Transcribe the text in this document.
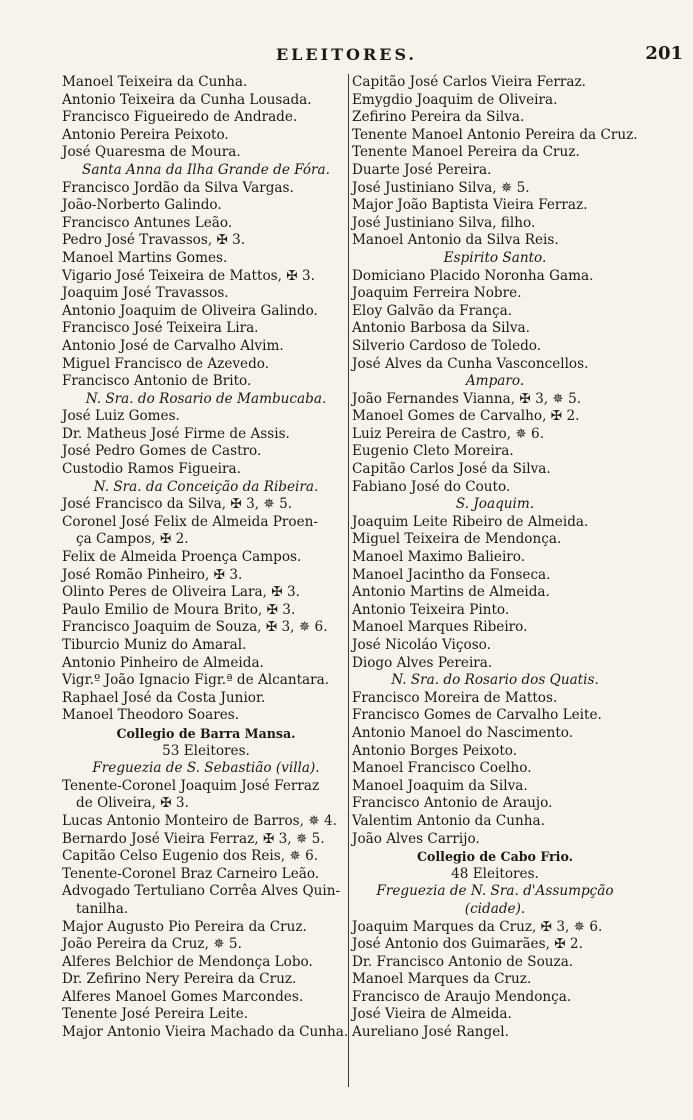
ELEITORES.	201
Manoel Teixeira da Cunha.
Antonio Teixeira da Cunha Lousada.
Francisco Figueiredo de Andrade.
Antonio Pereira Peixoto.
José Quaresma de Moura.
Santa Anna da Ilha Grande de Fóra.
Francisco Jordão da Silva Vargas.
João-Norberto Galindo.
Francisco Antunes Leão.
Pedro José Travassos, ✠ 3.
Manoel Martins Gomes.
Vigario José Teixeira de Mattos, ✠ 3.
Joaquim José Travassos.
Antonio Joaquim de Oliveira Galindo.
Francisco José Teixeira Lira.
Antonio José de Carvalho Alvim.
Miguel Francisco de Azevedo.
Francisco Antonio de Brito.
N. Sra. do Rosario de Mambucaba.
José Luiz Gomes.
Dr. Matheus José Firme de Assis.
José Pedro Gomes de Castro.
Custodio Ramos Figueira.
N. Sra. da Conceição da Ribeira.
José Francisco da Silva, ✠ 3, ✵ 5.
Coronel José Felix de Almeida Proen-
ça Campos, ✠ 2.
Felix de Almeida Proença Campos.
José Romão Pinheiro, ✠ 3.
Olinto Peres de Oliveira Lara, ✠ 3.
Paulo Emilio de Moura Brito, ✠ 3.
Francisco Joaquim de Souza, ✠ 3, ✵ 6.
Tiburcio Muniz do Amaral.
Antonio Pinheiro de Almeida.
Vigr.º João Ignacio Figr.ª de Alcantara.
Raphael José da Costa Junior.
Manoel Theodoro Soares.
Collegio de Barra Mansa.
53 Eleitores.
Freguezia de S. Sebastião (villa).
Tenente-Coronel Joaquim José Ferraz
de Oliveira, ✠ 3.
Lucas Antonio Monteiro de Barros, ✵ 4.
Bernardo José Vieira Ferraz, ✠ 3, ✵ 5.
Capitão Celso Eugenio dos Reis, ✵ 6.
Tenente-Coronel Braz Carneiro Leão.
Advogado Tertuliano Corrêa Alves Quin-
tanilha.
Major Augusto Pio Pereira da Cruz.
João Pereira da Cruz, ✵ 5.
Alferes Belchior de Mendonça Lobo.
Dr. Zefirino Nery Pereira da Cruz.
Alferes Manoel Gomes Marcondes.
Tenente José Pereira Leite.
Major Antonio Vieira Machado da Cunha.
Capitão José Carlos Vieira Ferraz.
Emygdio Joaquim de Oliveira.
Zefirino Pereira da Silva.
Tenente Manoel Antonio Pereira da Cruz.
Tenente Manoel Pereira da Cruz.
Duarte José Pereira.
José Justiniano Silva, ✵ 5.
Major João Baptista Vieira Ferraz.
José Justiniano Silva, filho.
Manoel Antonio da Silva Reis.
Espirito Santo.
Domiciano Placido Noronha Gama.
Joaquim Ferreira Nobre.
Eloy Galvão da França.
Antonio Barbosa da Silva.
Silverio Cardoso de Toledo.
José Alves da Cunha Vasconcellos.
Amparo.
João Fernandes Vianna, ✠ 3, ✵ 5.
Manoel Gomes de Carvalho, ✠ 2.
Luiz Pereira de Castro, ✵ 6.
Eugenio Cleto Moreira.
Capitão Carlos José da Silva.
Fabiano José do Couto.
S. Joaquim.
Joaquim Leite Ribeiro de Almeida.
Miguel Teixeira de Mendonça.
Manoel Maximo Balieiro.
Manoel Jacintho da Fonseca.
Antonio Martins de Almeida.
Antonio Teixeira Pinto.
Manoel Marques Ribeiro.
José Nicoláo Viçoso.
Diogo Alves Pereira.
N. Sra. do Rosario dos Quatis.
Francisco Moreira de Mattos.
Francisco Gomes de Carvalho Leite.
Antonio Manoel do Nascimento.
Antonio Borges Peixoto.
Manoel Francisco Coelho.
Manoel Joaquim da Silva.
Francisco Antonio de Araujo.
Valentim Antonio da Cunha.
João Alves Carrijo.
Collegio de Cabo Frio.
48 Eleitores.
Freguezia de N. Sra. d'Assumpção
(cidade).
Joaquim Marques da Cruz, ✠ 3, ✵ 6.
José Antonio dos Guimarães, ✠ 2.
Dr. Francisco Antonio de Souza.
Manoel Marques da Cruz.
Francisco de Araujo Mendonça.
José Vieira de Almeida.
Aureliano José Rangel.
